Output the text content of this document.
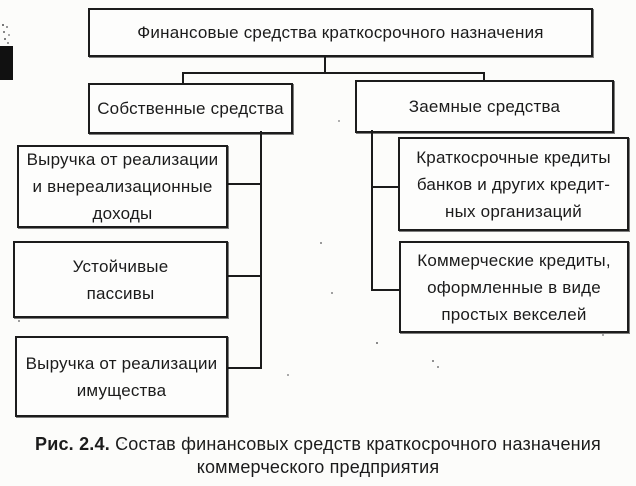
Финансовые средства краткосрочного назначения
Собственные средства	Заемные средства
Выручка от реализации
и внереализационные
доходы
Устойчивые
пассивы
Выручка от реализации
имущества
Краткосрочные кредиты
банков и других кредит-
ных организаций
Коммерческие кредиты,
оформленные в виде
простых векселей
Рис. 2.4. Состав финансовых средств краткосрочного назначения
коммерческого предприятия
